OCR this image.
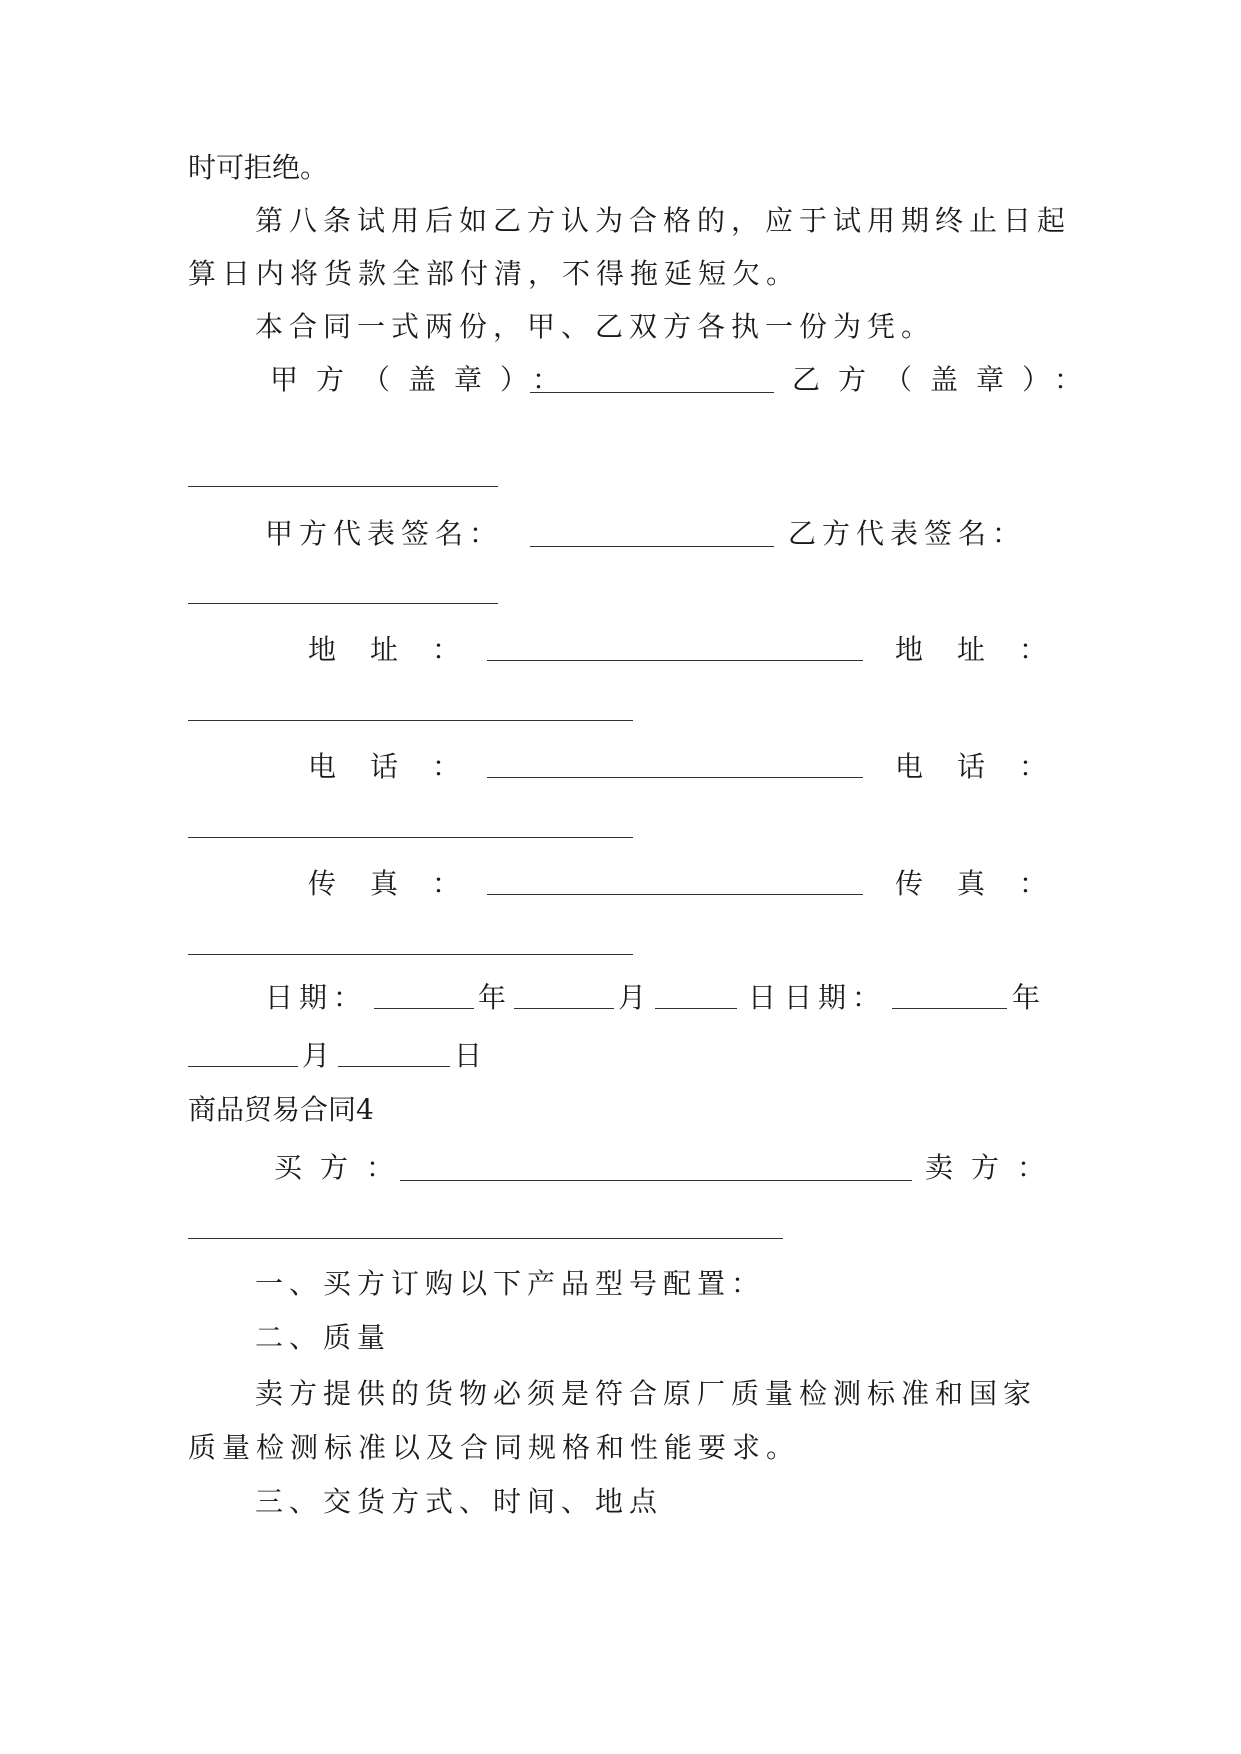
时可拒绝。
第八条试用后如乙方认为合格的，应于试用期终止日起
算日内将货款全部付清，不得拖延短欠。
本合同一式两份，甲、乙双方各执一份为凭。
甲方（盖章）：	乙方（盖章）：
甲方代表签名：	乙方代表签名：
地址：	地址：
电话：	电话：
传真：	传真：
日期：	年	月	日 日期：	年
月	日
商品贸易合同4
买方：	卖方：
一、买方订购以下产品型号配置：
二、质量
卖方提供的货物必须是符合原厂质量检测标准和国家
质量检测标准以及合同规格和性能要求。
三、交货方式、时间、地点
